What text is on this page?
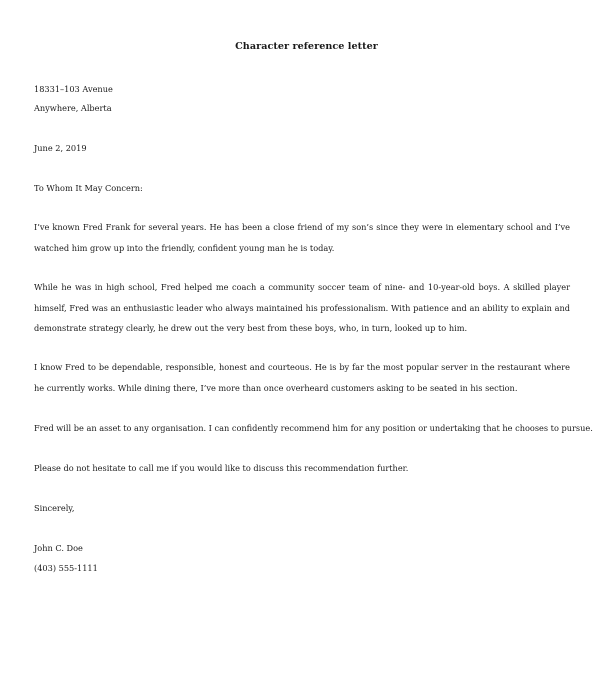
Character reference letter
18331–103 Avenue
Anywhere, Alberta
June 2, 2019
To Whom It May Concern:

I’ve known Fred Frank for several years. He has been a close friend of my son’s since they were in elementary school and I’ve watched him grow up into the friendly, confident young man he is today.

While he was in high school, Fred helped me coach a community soccer team of nine- and 10-year-old boys. A skilled player himself, Fred was an enthusiastic leader who always maintained his professionalism. With patience and an ability to explain and demonstrate strategy clearly, he drew out the very best from these boys, who, in turn, looked up to him.

I know Fred to be dependable, responsible, honest and courteous. He is by far the most popular server in the restaurant where he currently works. While dining there, I’ve more than once overheard customers asking to be seated in his section.

Fred will be an asset to any organisation. I can confidently recommend him for any position or undertaking that he chooses to pursue.

Please do not hesitate to call me if you would like to discuss this recommendation further.

Sincerely,
John C. Doe
(403) 555-1111
